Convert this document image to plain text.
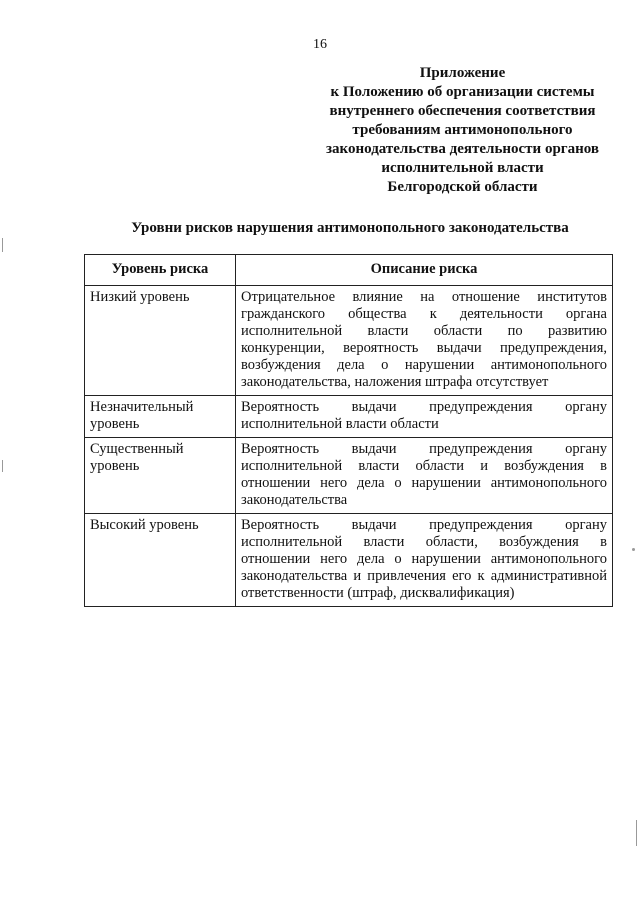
16
Приложение
к Положению об организации системы
внутреннего обеспечения соответствия
требованиям антимонопольного
законодательства деятельности органов
исполнительной власти
Белгородской области
Уровни рисков нарушения антимонопольного законодательства
Уровень риска	Описание риска
Низкий уровень	Отрицательное влияние на отношение институтов гражданского общества к деятельности органа исполнительной власти области по развитию конкуренции, вероятность выдачи предупреждения, возбуждения дела о нарушении антимонопольного законодательства, наложения штрафа отсутствует
Незначительный уровень	Вероятность выдачи предупреждения органу исполнительной власти области
Существенный уровень	Вероятность выдачи предупреждения органу исполнительной власти области и возбуждения в отношении него дела о нарушении антимонопольного законодательства
Высокий уровень	Вероятность выдачи предупреждения органу исполнительной власти области, возбуждения в отношении него дела о нарушении антимонопольного законодательства и привлечения его к административной ответственности (штраф, дисквалификация)
